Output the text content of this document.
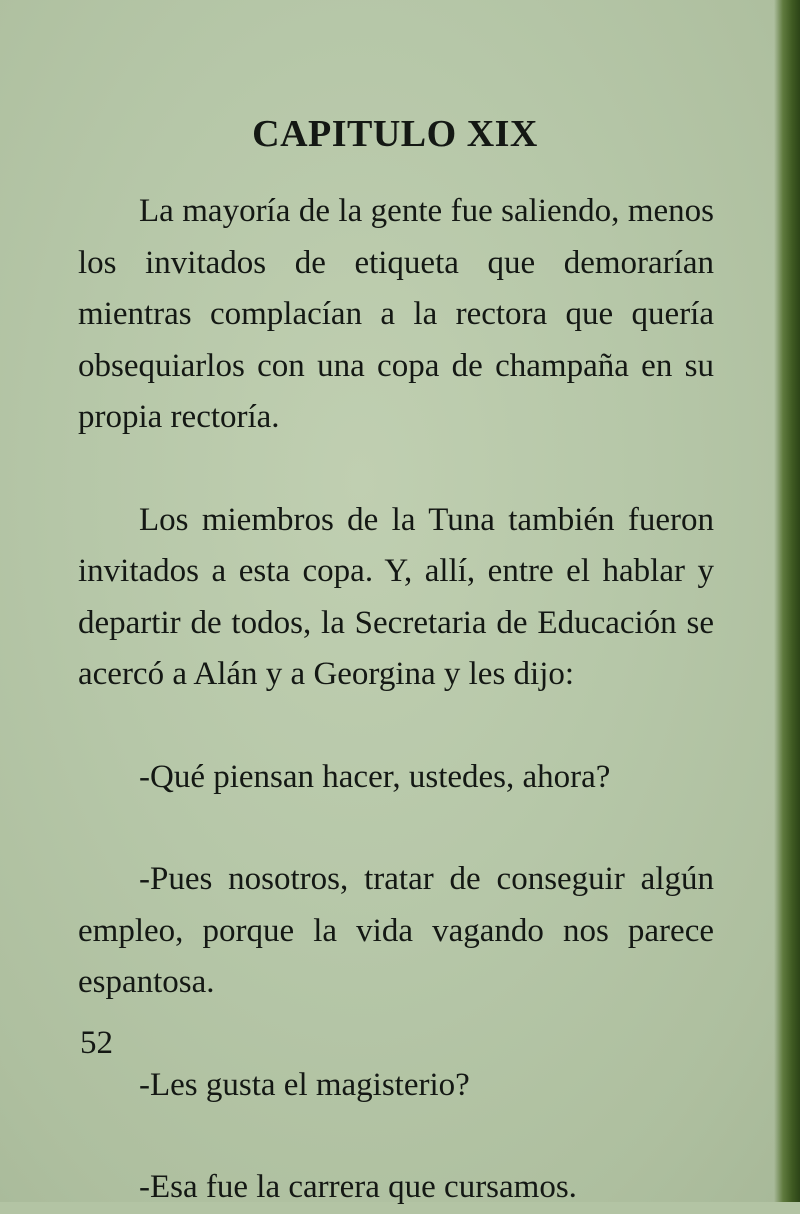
CAPITULO XIX

La mayoría de la gente fue saliendo, menos los invitados de etiqueta que demorarían mientras complacían a la rectora que quería obsequiarlos con una copa de champaña en su propia rectoría.

Los miembros de la Tuna también fueron invitados a esta copa. Y, allí, entre el hablar y departir de todos, la Secretaria de Educación se acercó a Alán y a Georgina y les dijo:

-Qué piensan hacer, ustedes, ahora?

-Pues nosotros, tratar de conseguir algún empleo, porque la vida vagando nos parece espantosa.

-Les gusta el magisterio?

-Esa fue la carrera que cursamos.

52
